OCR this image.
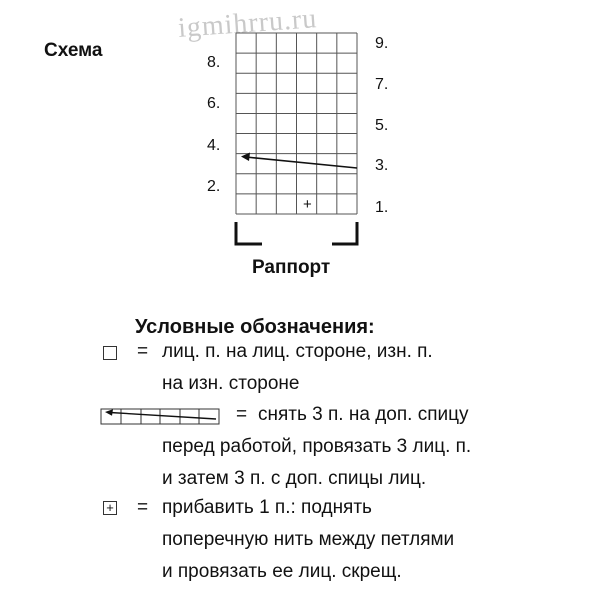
Схема
igmihrru.ru
+
8.
6.
4.
2.
9.
7.
5.
3.
1.
Раппорт
Условные обозначения:
= лиц. п. на лиц. стороне, изн. п.
на изн. стороне
= снять 3 п. на доп. спицу
перед работой, провязать 3 лиц. п.
и затем 3 п. с доп. спицы лиц.
+ = прибавить 1 п.: поднять
поперечную нить между петлями
и провязать ее лиц. скрещ.
